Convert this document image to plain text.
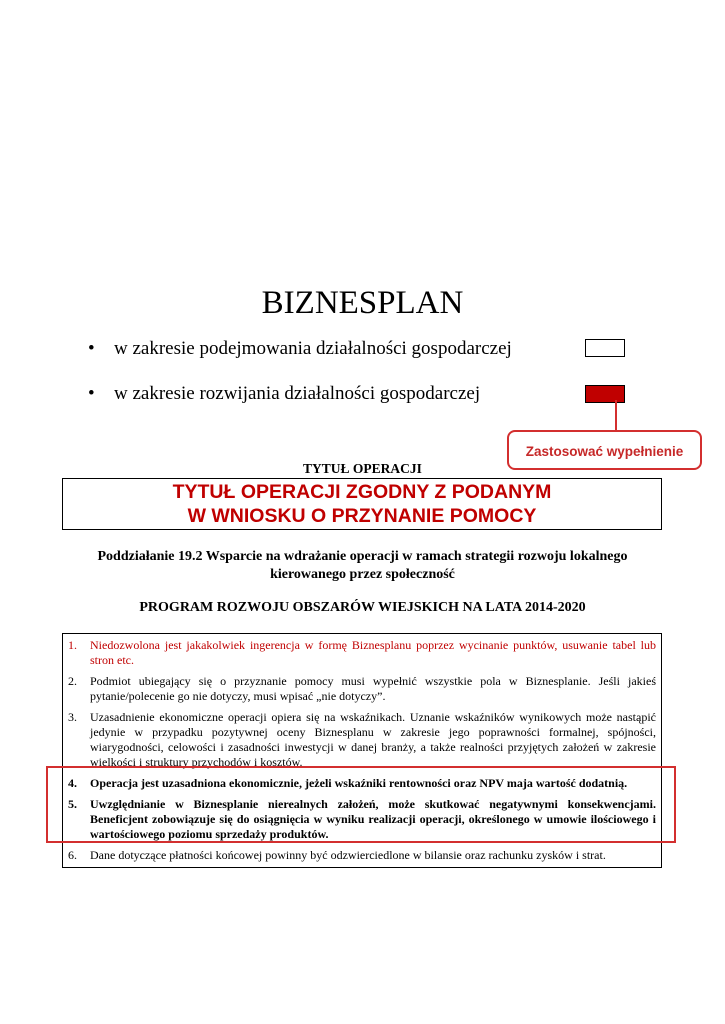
BIZNESPLAN
• w zakresie podejmowania działalności gospodarczej
• w zakresie rozwijania działalności gospodarczej
Zastosować wypełnienie
TYTUŁ OPERACJI
TYTUŁ OPERACJI ZGODNY Z PODANYM
W WNIOSKU O PRZYNANIE POMOCY
Poddziałanie 19.2 Wsparcie na wdrażanie operacji w ramach strategii rozwoju lokalnego kierowanego przez społeczność
PROGRAM ROZWOJU OBSZARÓW WIEJSKICH NA LATA 2014-2020
1.	Niedozwolona jest jakakolwiek ingerencja w formę Biznesplanu poprzez wycinanie punktów, usuwanie tabel lub stron etc.
2.	Podmiot ubiegający się o przyznanie pomocy musi wypełnić wszystkie pola w Biznesplanie. Jeśli jakieś pytanie/polecenie go nie dotyczy, musi wpisać „nie dotyczy”.
3.	Uzasadnienie ekonomiczne operacji opiera się na wskaźnikach. Uznanie wskaźników wynikowych może nastąpić jedynie w przypadku pozytywnej oceny Biznesplanu w zakresie jego poprawności formalnej, spójności, wiarygodności, celowości i zasadności inwestycji w danej branży, a także realności przyjętych założeń w zakresie wielkości i struktury przychodów i kosztów.
4.	Operacja jest uzasadniona ekonomicznie, jeżeli wskaźniki rentowności oraz NPV maja wartość dodatnią.
5.	Uwzględnianie w Biznesplanie nierealnych założeń, może skutkować negatywnymi konsekwencjami. Beneficjent zobowiązuje się do osiągnięcia w wyniku realizacji operacji, określonego w umowie ilościowego i wartościowego poziomu sprzedaży produktów.
6.	Dane dotyczące płatności końcowej powinny być odzwierciedlone w bilansie oraz rachunku zysków i strat.
